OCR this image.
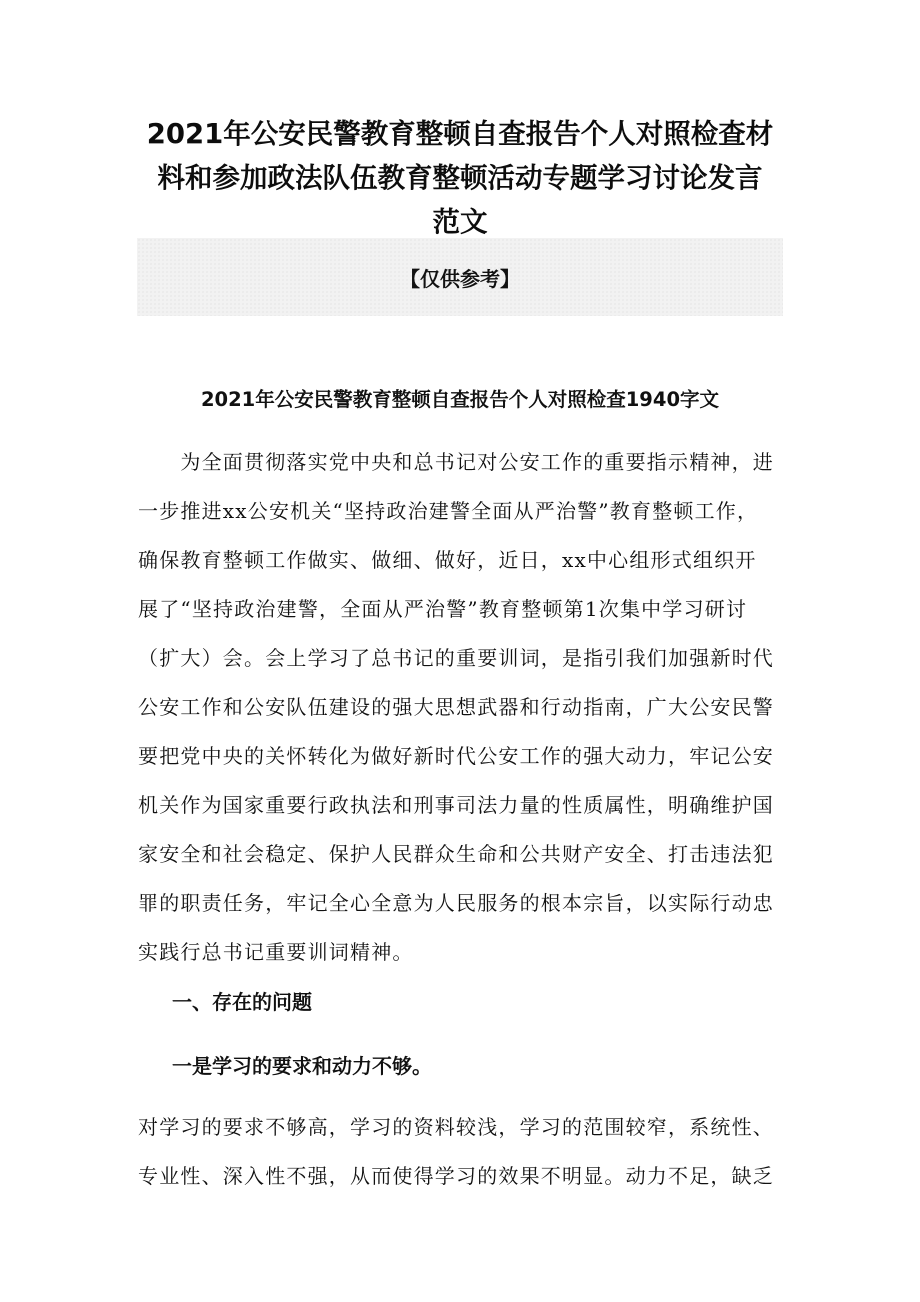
2021年公安民警教育整顿自查报告个人对照检查材
料和参加政法队伍教育整顿活动专题学习讨论发言
范文
【仅供参考】
2021年公安民警教育整顿自查报告个人对照检查1940字文
　　为全面贯彻落实党中央和总书记对公安工作的重要指示精神，进
一步推进xx公安机关“坚持政治建警全面从严治警”教育整顿工作，
确保教育整顿工作做实、做细、做好，近日，xx中心组形式组织开
展了“坚持政治建警，全面从严治警”教育整顿第1次集中学习研讨
（扩大）会。会上学习了总书记的重要训词，是指引我们加强新时代
公安工作和公安队伍建设的强大思想武器和行动指南，广大公安民警
要把党中央的关怀转化为做好新时代公安工作的强大动力，牢记公安
机关作为国家重要行政执法和刑事司法力量的性质属性，明确维护国
家安全和社会稳定、保护人民群众生命和公共财产安全、打击违法犯
罪的职责任务，牢记全心全意为人民服务的根本宗旨，以实际行动忠
实践行总书记重要训词精神。
一、存在的问题
一是学习的要求和动力不够。
对学习的要求不够高，学习的资料较浅，学习的范围较窄，系统性、
专业性、深入性不强，从而使得学习的效果不明显。动力不足，缺乏
